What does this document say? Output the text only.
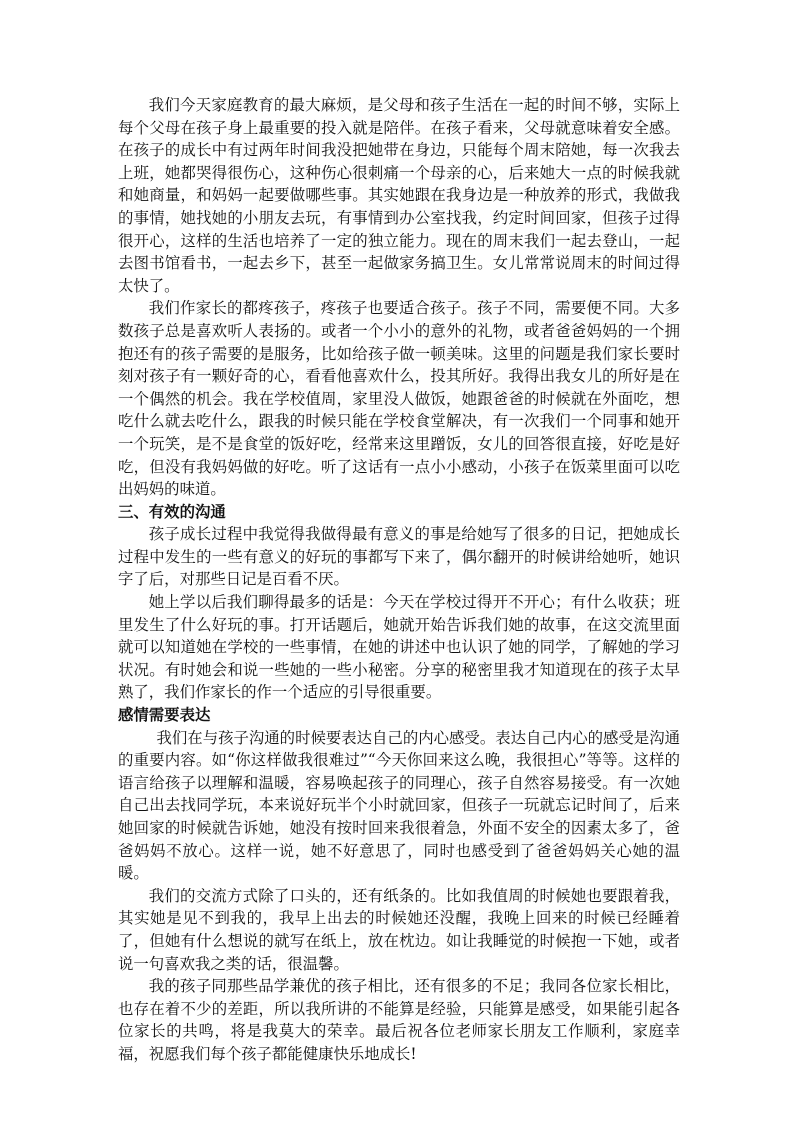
我们今天家庭教育的最大麻烦，是父母和孩子生活在一起的时间不够，实际上每个父母在孩子身上最重要的投入就是陪伴。在孩子看来，父母就意味着安全感。在孩子的成长中有过两年时间我没把她带在身边，只能每个周末陪她，每一次我去上班，她都哭得很伤心，这种伤心很刺痛一个母亲的心，后来她大一点的时候我就和她商量，和妈妈一起要做哪些事。其实她跟在我身边是一种放养的形式，我做我的事情，她找她的小朋友去玩，有事情到办公室找我，约定时间回家，但孩子过得很开心，这样的生活也培养了一定的独立能力。现在的周末我们一起去登山，一起去图书馆看书，一起去乡下，甚至一起做家务搞卫生。女儿常常说周末的时间过得太快了。

我们作家长的都疼孩子，疼孩子也要适合孩子。孩子不同，需要便不同。大多数孩子总是喜欢听人表扬的。或者一个小小的意外的礼物，或者爸爸妈妈的一个拥抱还有的孩子需要的是服务，比如给孩子做一顿美味。这里的问题是我们家长要时刻对孩子有一颗好奇的心，看看他喜欢什么，投其所好。我得出我女儿的所好是在一个偶然的机会。我在学校值周，家里没人做饭，她跟爸爸的时候就在外面吃，想吃什么就去吃什么，跟我的时候只能在学校食堂解决，有一次我们一个同事和她开一个玩笑，是不是食堂的饭好吃，经常来这里蹭饭，女儿的回答很直接，好吃是好吃，但没有我妈妈做的好吃。听了这话有一点小小感动，小孩子在饭菜里面可以吃出妈妈的味道。

三、有效的沟通

孩子成长过程中我觉得我做得最有意义的事是给她写了很多的日记，把她成长过程中发生的一些有意义的好玩的事都写下来了，偶尔翻开的时候讲给她听，她识字了后，对那些日记是百看不厌。

她上学以后我们聊得最多的话是：今天在学校过得开不开心；有什么收获；班里发生了什么好玩的事。打开话题后，她就开始告诉我们她的故事，在这交流里面就可以知道她在学校的一些事情，在她的讲述中也认识了她的同学，了解她的学习状况。有时她会和说一些她的一些小秘密。分享的秘密里我才知道现在的孩子太早熟了，我们作家长的作一个适应的引导很重要。

感情需要表达

我们在与孩子沟通的时候要表达自己的内心感受。表达自己内心的感受是沟通的重要内容。如“你这样做我很难过”“今天你回来这么晚，我很担心”等等。这样的语言给孩子以理解和温暖，容易唤起孩子的同理心，孩子自然容易接受。有一次她自己出去找同学玩，本来说好玩半个小时就回家，但孩子一玩就忘记时间了，后来她回家的时候就告诉她，她没有按时回来我很着急，外面不安全的因素太多了，爸爸妈妈不放心。这样一说，她不好意思了，同时也感受到了爸爸妈妈关心她的温暖。

我们的交流方式除了口头的，还有纸条的。比如我值周的时候她也要跟着我，其实她是见不到我的，我早上出去的时候她还没醒，我晚上回来的时候已经睡着了，但她有什么想说的就写在纸上，放在枕边。如让我睡觉的时候抱一下她，或者说一句喜欢我之类的话，很温馨。

我的孩子同那些品学兼优的孩子相比，还有很多的不足；我同各位家长相比，也存在着不少的差距，所以我所讲的不能算是经验，只能算是感受，如果能引起各位家长的共鸣，将是我莫大的荣幸。最后祝各位老师家长朋友工作顺利，家庭幸福，祝愿我们每个孩子都能健康快乐地成长!
